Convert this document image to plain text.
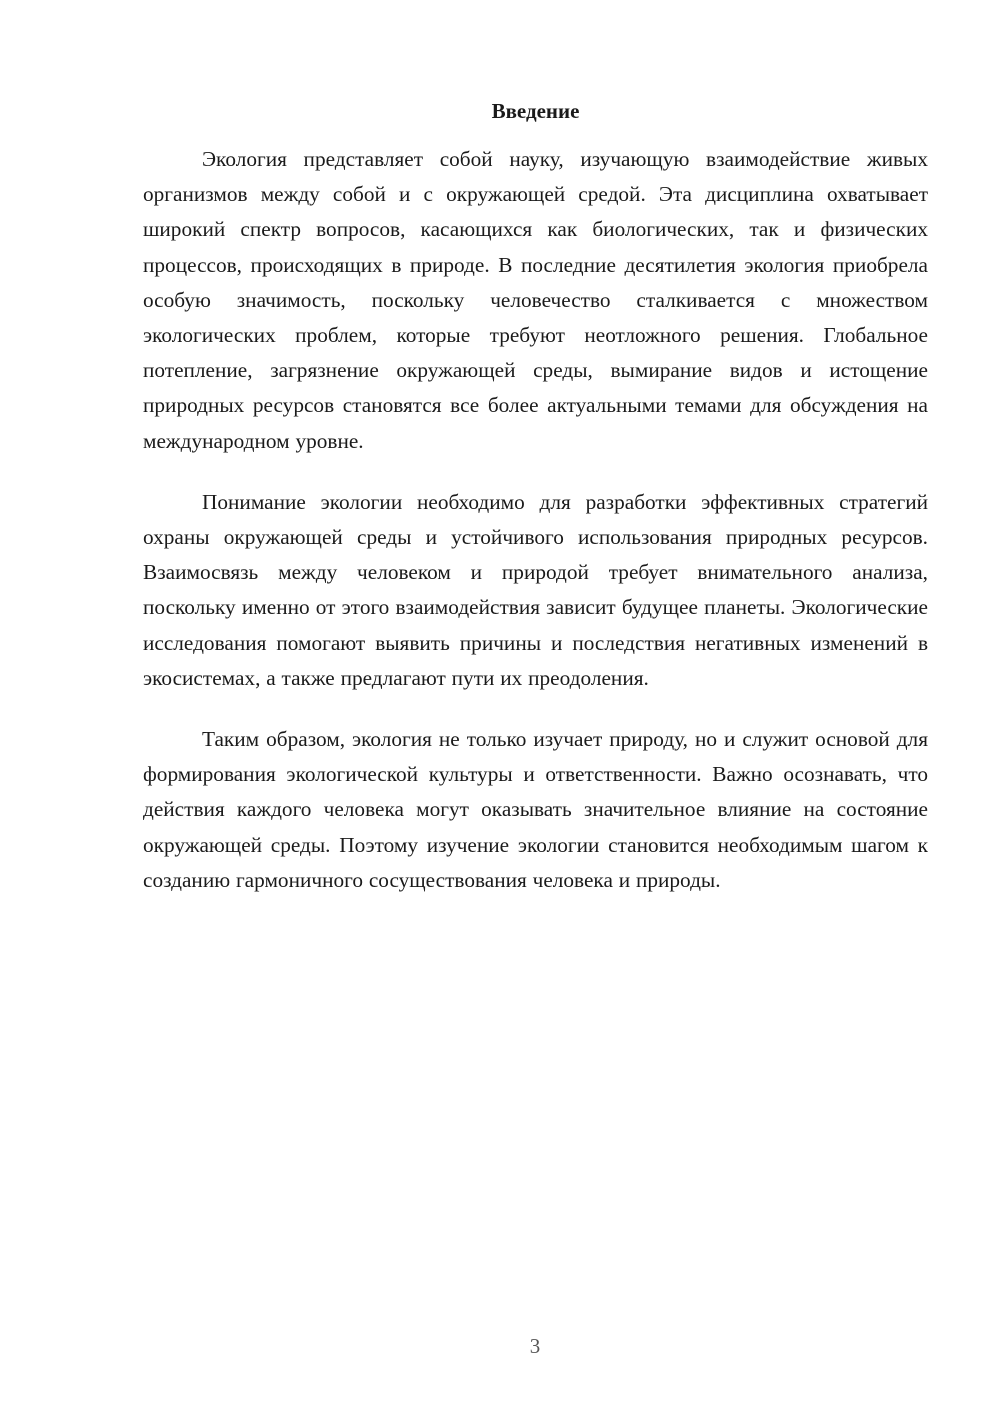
Введение

Экология представляет собой науку, изучающую взаимодействие живых организмов между собой и с окружающей средой. Эта дисциплина охватывает широкий спектр вопросов, касающихся как биологических, так и физических процессов, происходящих в природе. В последние десятилетия экология приобрела особую значимость, поскольку человечество сталкивается с множеством экологических проблем, которые требуют неотложного решения. Глобальное потепление, загрязнение окружающей среды, вымирание видов и истощение природных ресурсов становятся все более актуальными темами для обсуждения на международном уровне.

Понимание экологии необходимо для разработки эффективных стратегий охраны окружающей среды и устойчивого использования природных ресурсов. Взаимосвязь между человеком и природой требует внимательного анализа, поскольку именно от этого взаимодействия зависит будущее планеты. Экологические исследования помогают выявить причины и последствия негативных изменений в экосистемах, а также предлагают пути их преодоления.

Таким образом, экология не только изучает природу, но и служит основой для формирования экологической культуры и ответственности. Важно осознавать, что действия каждого человека могут оказывать значительное влияние на состояние окружающей среды. Поэтому изучение экологии становится необходимым шагом к созданию гармоничного сосуществования человека и природы.

3
